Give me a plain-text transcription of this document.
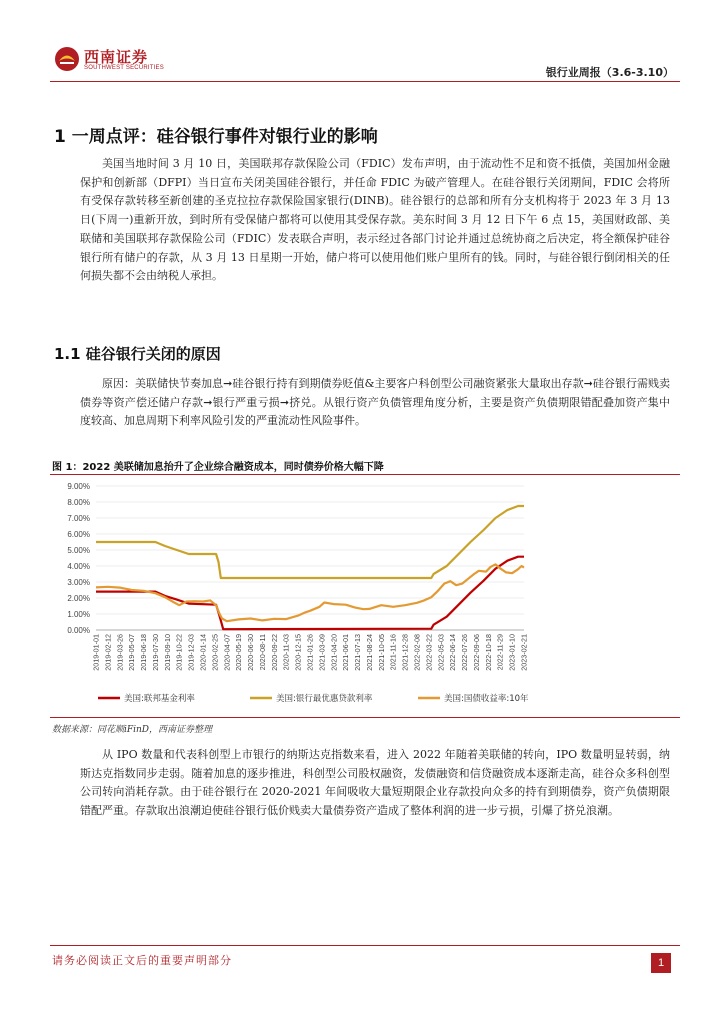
西南证券
SOUTHWEST SECURITIES	银行业周报（3.6-3.10）
1 一周点评：硅谷银行事件对银行业的影响

美国当地时间 3 月 10 日，美国联邦存款保险公司（FDIC）发布声明，由于流动性不足和资不抵债，美国加州金融保护和创新部（DFPI）当日宣布关闭美国硅谷银行，并任命 FDIC 为破产管理人。在硅谷银行关闭期间，FDIC 会将所有受保存款转移至新创建的圣克拉拉存款保险国家银行(DINB)。硅谷银行的总部和所有分支机构将于 2023 年 3 月 13 日(下周一)重新开放，到时所有受保储户都将可以使用其受保存款。美东时间 3 月 12 日下午 6 点 15，美国财政部、美联储和美国联邦存款保险公司（FDIC）发表联合声明，表示经过各部门讨论并通过总统协商之后决定，将全额保护硅谷银行所有储户的存款，从 3 月 13 日星期一开始，储户将可以使用他们账户里所有的钱。同时，与硅谷银行倒闭相关的任何损失都不会由纳税人承担。

1.1 硅谷银行关闭的原因

原因：美联储快节奏加息➞硅谷银行持有到期债券贬值&主要客户科创型公司融资紧张大量取出存款➞硅谷银行需贱卖债券等资产偿还储户存款➞银行严重亏损➞挤兑。从银行资产负债管理角度分析，主要是资产负债期限错配叠加资产集中度较高、加息周期下利率风险引发的严重流动性风险事件。

图 1：2022 美联储加息抬升了企业综合融资成本，同时债券价格大幅下降
0.00%
1.00%
2.00%
3.00%
4.00%
5.00%
6.00%
7.00%
8.00%
9.00%
2019-01-01 2019-02-12 2019-03-26 2019-05-07 2019-06-18 2019-07-30 2019-09-10 2019-10-22 2019-12-03 2020-01-14 2020-02-25 2020-04-07 2020-05-19 2020-06-30 2020-08-11 2020-09-22 2020-11-03 2020-12-15 2021-01-26 2021-03-09 2021-04-20 2021-06-01 2021-07-13 2021-08-24 2021-10-05 2021-11-16 2021-12-28 2022-02-08 2022-03-22 2022-05-03 2022-06-14 2022-07-26 2022-09-06 2022-10-18 2022-11-29 2023-01-10 2023-02-21
美国:联邦基金利率	美国:银行最优惠贷款利率	美国:国债收益率:10年
数据来源：同花顺iFinD，西南证券整理

从 IPO 数量和代表科创型上市银行的纳斯达克指数来看，进入 2022 年随着美联储的转向，IPO 数量明显转弱，纳斯达克指数同步走弱。随着加息的逐步推进，科创型公司股权融资，发债融资和信贷融资成本逐渐走高，硅谷众多科创型公司转向消耗存款。由于硅谷银行在 2020-2021 年间吸收大量短期限企业存款投向众多的持有到期债券，资产负债期限错配严重。存款取出浪潮迫使硅谷银行低价贱卖大量债券资产造成了整体利润的进一步亏损，引爆了挤兑浪潮。

请务必阅读正文后的重要声明部分	1
